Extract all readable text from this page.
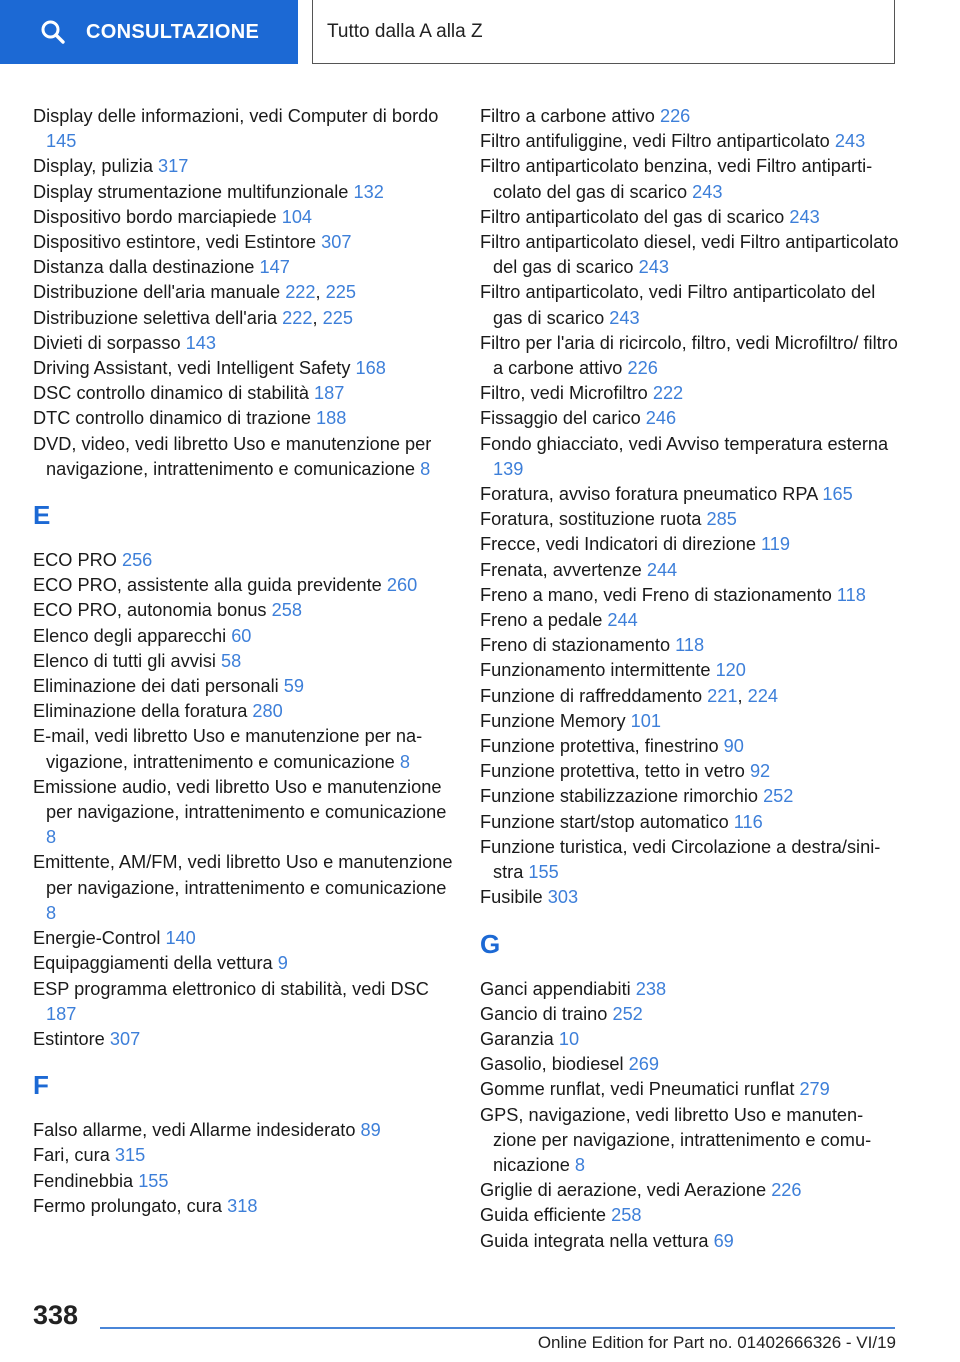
CONSULTAZIONE	Tutto dalla A alla Z
Display delle informazioni, vedi Computer di bordo 145
Display, pulizia 317
Display strumentazione multifunzionale 132
Dispositivo bordo marciapiede 104
Dispositivo estintore, vedi Estintore 307
Distanza dalla destinazione 147
Distribuzione dell'aria manuale 222, 225
Distribuzione selettiva dell'aria 222, 225
Divieti di sorpasso 143
Driving Assistant, vedi Intelligent Safety 168
DSC controllo dinamico di stabilità 187
DTC controllo dinamico di trazione 188
DVD, video, vedi libretto Uso e manutenzione per navigazione, intrattenimento e comunicazione 8
E
ECO PRO 256
ECO PRO, assistente alla guida previdente 260
ECO PRO, autonomia bonus 258
Elenco degli apparecchi 60
Elenco di tutti gli avvisi 58
Eliminazione dei dati personali 59
Eliminazione della foratura 280
E-mail, vedi libretto Uso e manutenzione per navigazione, intrattenimento e comunicazione 8
Emissione audio, vedi libretto Uso e manutenzione per navigazione, intrattenimento e comunicazione 8
Emittente, AM/FM, vedi libretto Uso e manutenzione per navigazione, intrattenimento e comunicazione 8
Energie-Control 140
Equipaggiamenti della vettura 9
ESP programma elettronico di stabilità, vedi DSC 187
Estintore 307
F
Falso allarme, vedi Allarme indesiderato 89
Fari, cura 315
Fendinebbia 155
Fermo prolungato, cura 318
Filtro a carbone attivo 226
Filtro antifuliggine, vedi Filtro antiparticolato 243
Filtro antiparticolato benzina, vedi Filtro antiparticolato del gas di scarico 243
Filtro antiparticolato del gas di scarico 243
Filtro antiparticolato diesel, vedi Filtro antiparticolato del gas di scarico 243
Filtro antiparticolato, vedi Filtro antiparticolato del gas di scarico 243
Filtro per l'aria di ricircolo, filtro, vedi Microfiltro/ filtro a carbone attivo 226
Filtro, vedi Microfiltro 222
Fissaggio del carico 246
Fondo ghiacciato, vedi Avviso temperatura esterna 139
Foratura, avviso foratura pneumatico RPA 165
Foratura, sostituzione ruota 285
Frecce, vedi Indicatori di direzione 119
Frenata, avvertenze 244
Freno a mano, vedi Freno di stazionamento 118
Freno a pedale 244
Freno di stazionamento 118
Funzionamento intermittente 120
Funzione di raffreddamento 221, 224
Funzione Memory 101
Funzione protettiva, finestrino 90
Funzione protettiva, tetto in vetro 92
Funzione stabilizzazione rimorchio 252
Funzione start/stop automatico 116
Funzione turistica, vedi Circolazione a destra/sinistra 155
Fusibile 303
G
Ganci appendiabiti 238
Gancio di traino 252
Garanzia 10
Gasolio, biodiesel 269
Gomme runflat, vedi Pneumatici runflat 279
GPS, navigazione, vedi libretto Uso e manutenzione per navigazione, intrattenimento e comunicazione 8
Griglie di aerazione, vedi Aerazione 226
Guida efficiente 258
Guida integrata nella vettura 69
338
Online Edition for Part no. 01402666326 - VI/19
